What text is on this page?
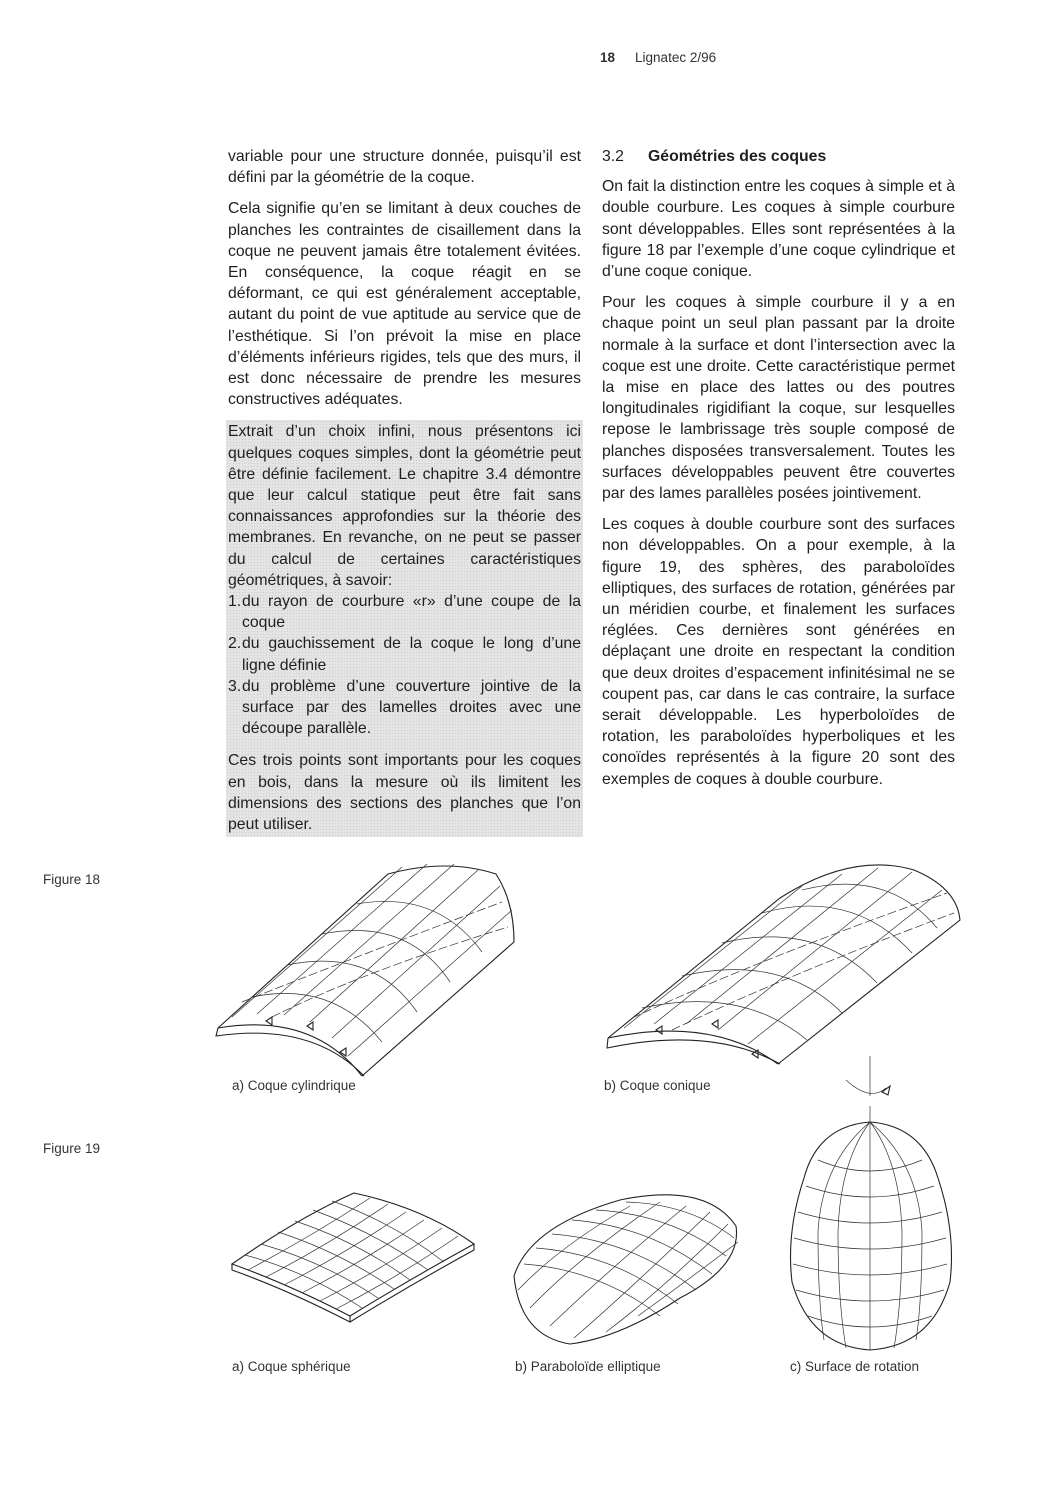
18 Lignatec 2/96

variable pour une structure donnée, puisqu’il est défini par la géométrie de la coque.

Cela signifie qu’en se limitant à deux couches de planches les contraintes de cisaillement dans la coque ne peuvent jamais être totalement évitées. En conséquence, la coque réagit en se déformant, ce qui est généralement acceptable, autant du point de vue aptitude au service que de l’esthétique. Si l’on prévoit la mise en place d’éléments inférieurs rigides, tels que des murs, il est donc nécessaire de prendre les mesures constructives adéquates.

Extrait d’un choix infini, nous présentons ici quelques coques simples, dont la géométrie peut être définie facilement. Le chapitre 3.4 démontre que leur calcul statique peut être fait sans connaissances approfondies sur la théorie des membranes. En revanche, on ne peut se passer du calcul de certaines caractéristiques géométriques, à savoir:

1. du rayon de courbure «r» d’une coupe de la coque
2. du gauchissement de la coque le long d’une ligne définie
3. du problème d’une couverture jointive de la surface par des lamelles droites avec une découpe parallèle.

Ces trois points sont importants pour les coques en bois, dans la mesure où ils limitent les dimensions des sections des planches que l’on peut utiliser.

3.2 Géométries des coques

On fait la distinction entre les coques à simple et à double courbure. Les coques à simple courbure sont développables. Elles sont représentées à la figure 18 par l’exemple d’une coque cylindrique et d’une coque conique.

Pour les coques à simple courbure il y a en chaque point un seul plan passant par la droite normale à la surface et dont l’intersection avec la coque est une droite. Cette caractéristique permet la mise en place des lattes ou des poutres longitudinales rigidifiant la coque, sur lesquelles repose le lambrissage très souple composé de planches disposées transversalement. Toutes les surfaces développables peuvent être couvertes par des lames parallèles posées jointivement.

Les coques à double courbure sont des surfaces non développables. On a pour exemple, à la figure 19, des sphères, des paraboloïdes elliptiques, des surfaces de rotation, générées par un méridien courbe, et finalement les surfaces réglées. Ces dernières sont générées en déplaçant une droite en respectant la condition que deux droites d’espacement infinitésimal ne se coupent pas, car dans le cas contraire, la surface serait développable. Les hyperboloïdes de rotation, les paraboloïdes hyperboliques et les conoïdes représentés à la figure 20 sont des exemples de coques à double courbure.

Figure 18
a) Coque cylindrique	b) Coque conique
Figure 19
a) Coque sphérique	b) Paraboloïde elliptique	c) Surface de rotation
